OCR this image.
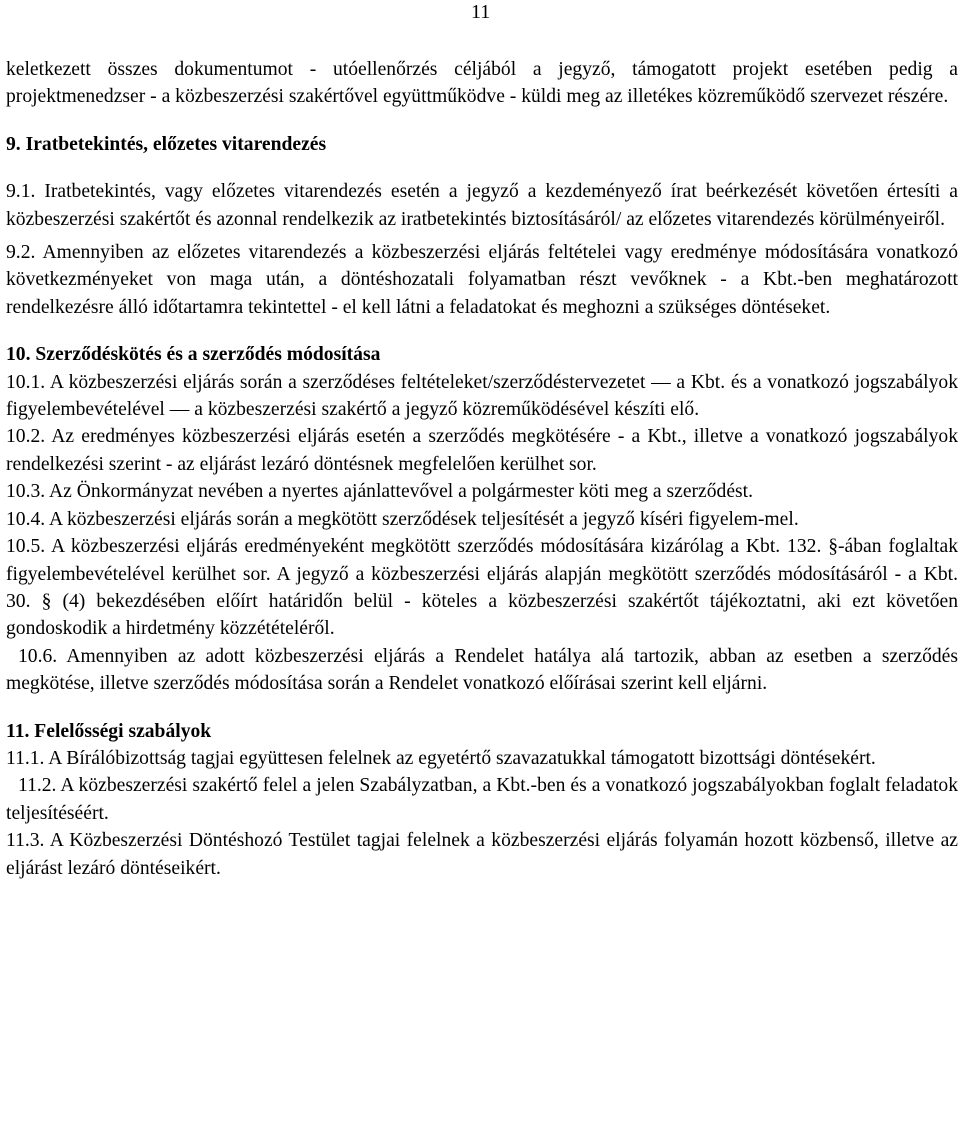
11

keletkezett összes dokumentumot - utóellenőrzés céljából a jegyző, támogatott projekt esetében pedig a projektmenedzser - a közbeszerzési szakértővel együttműködve - küldi meg az illetékes közreműködő szervezet részére.

9. Iratbetekintés, előzetes vitarendezés

9.1. Iratbetekintés, vagy előzetes vitarendezés esetén a jegyző a kezdeményező írat beérkezését követően értesíti a közbeszerzési szakértőt és azonnal rendelkezik az iratbetekintés biztosításáról/ az előzetes vitarendezés körülményeiről.

9.2. Amennyiben az előzetes vitarendezés a közbeszerzési eljárás feltételei vagy eredménye módosítására vonatkozó következményeket von maga után, a döntéshozatali folyamatban részt vevőknek - a Kbt.-ben meghatározott rendelkezésre álló időtartamra tekintettel - el kell látni a feladatokat és meghozni a szükséges döntéseket.

10. Szerződéskötés és a szerződés módosítása

10.1. A közbeszerzési eljárás során a szerződéses feltételeket/szerződéstervezetet — a Kbt. és a vonatkozó jogszabályok figyelembevételével — a közbeszerzési szakértő a jegyző közreműködésével készíti elő.

10.2. Az eredményes közbeszerzési eljárás esetén a szerződés megkötésére - a Kbt., illetve a vonatkozó jogszabályok rendelkezési szerint - az eljárást lezáró döntésnek megfelelően kerülhet sor.

10.3. Az Önkormányzat nevében a nyertes ajánlattevővel a polgármester köti meg a szerződést.

10.4. A közbeszerzési eljárás során a megkötött szerződések teljesítését a jegyző kíséri figyelem-mel.

10.5. A közbeszerzési eljárás eredményeként megkötött szerződés módosítására kizárólag a Kbt. 132. §-ában foglaltak figyelembevételével kerülhet sor. A jegyző a közbeszerzési eljárás alapján megkötött szerződés módosításáról - a Kbt. 30. § (4) bekezdésében előírt határidőn belül - köteles a közbeszerzési szakértőt tájékoztatni, aki ezt követően gondoskodik a hirdetmény közzétételéről.

10.6. Amennyiben az adott közbeszerzési eljárás a Rendelet hatálya alá tartozik, abban az esetben a szerződés megkötése, illetve szerződés módosítása során a Rendelet vonatkozó előírásai szerint kell eljárni.

11. Felelősségi szabályok

11.1. A Bírálóbizottság tagjai együttesen felelnek az egyetértő szavazatukkal támogatott bizottsági döntésekért.

11.2. A közbeszerzési szakértő felel a jelen Szabályzatban, a Kbt.-ben és a vonatkozó jogszabályokban foglalt feladatok teljesítéséért.

11.3. A Közbeszerzési Döntéshozó Testület tagjai felelnek a közbeszerzési eljárás folyamán hozott közbenső, illetve az eljárást lezáró döntéseikért.
